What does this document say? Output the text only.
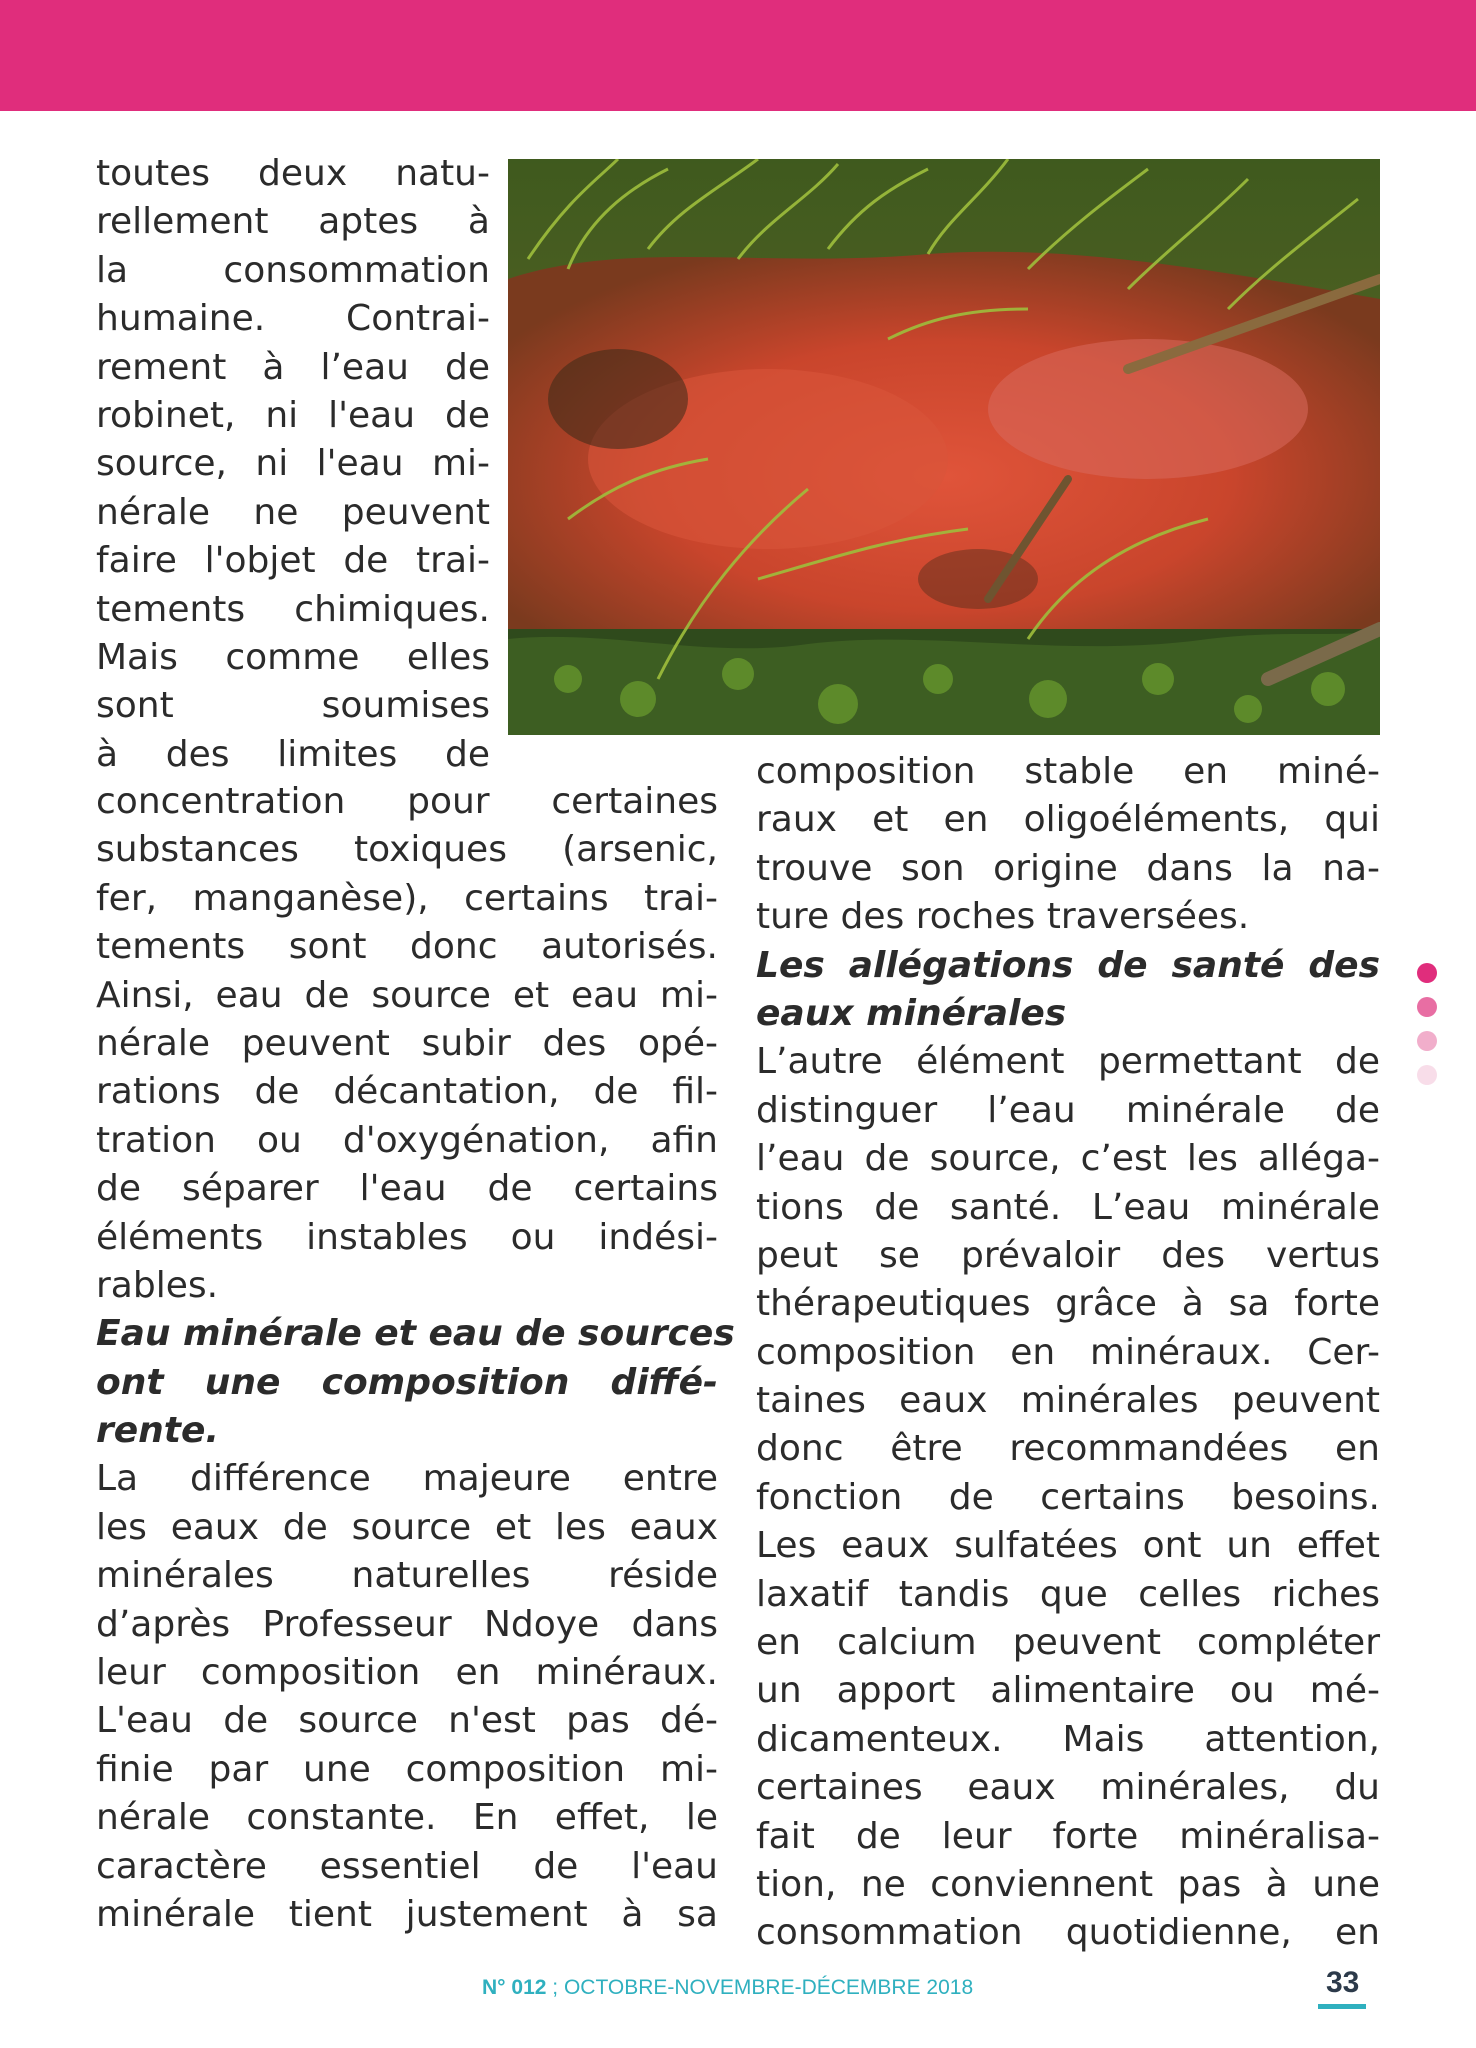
toutes deux natu-
rellement aptes à
la consommation
humaine. Contrai-
rement à l’eau de
robinet, ni l'eau de
source, ni l'eau mi-
nérale ne peuvent
faire l'objet de trai-
tements chimiques.
Mais comme elles
sont soumises
à des limites de
concentration pour certaines
substances toxiques (arsenic,
fer, manganèse), certains trai-
tements sont donc autorisés.
Ainsi, eau de source et eau mi-
nérale peuvent subir des opé-
rations de décantation, de fil-
tration ou d'oxygénation, afin
de séparer l'eau de certains
éléments instables ou indési-
rables.
Eau minérale et eau de sources
ont une composition diffé-
rente.
La différence majeure entre
les eaux de source et les eaux
minérales naturelles réside
d’après Professeur Ndoye dans
leur composition en minéraux.
L'eau de source n'est pas dé-
finie par une composition mi-
nérale constante. En effet, le
caractère essentiel de l'eau
minérale tient justement à sa
composition stable en miné-
raux et en oligoéléments, qui
trouve son origine dans la na-
ture des roches traversées.
Les allégations de santé des
eaux minérales
L’autre élément permettant de
distinguer l’eau minérale de
l’eau de source, c’est les alléga-
tions de santé. L’eau minérale
peut se prévaloir des vertus
thérapeutiques grâce à sa forte
composition en minéraux. Cer-
taines eaux minérales peuvent
donc être recommandées en
fonction de certains besoins.
Les eaux sulfatées ont un effet
laxatif tandis que celles riches
en calcium peuvent compléter
un apport alimentaire ou mé-
dicamenteux. Mais attention,
certaines eaux minérales, du
fait de leur forte minéralisa-
tion, ne conviennent pas à une
consommation quotidienne, en
N° 012 ; OCTOBRE-NOVEMBRE-DÉCEMBRE 2018	33
